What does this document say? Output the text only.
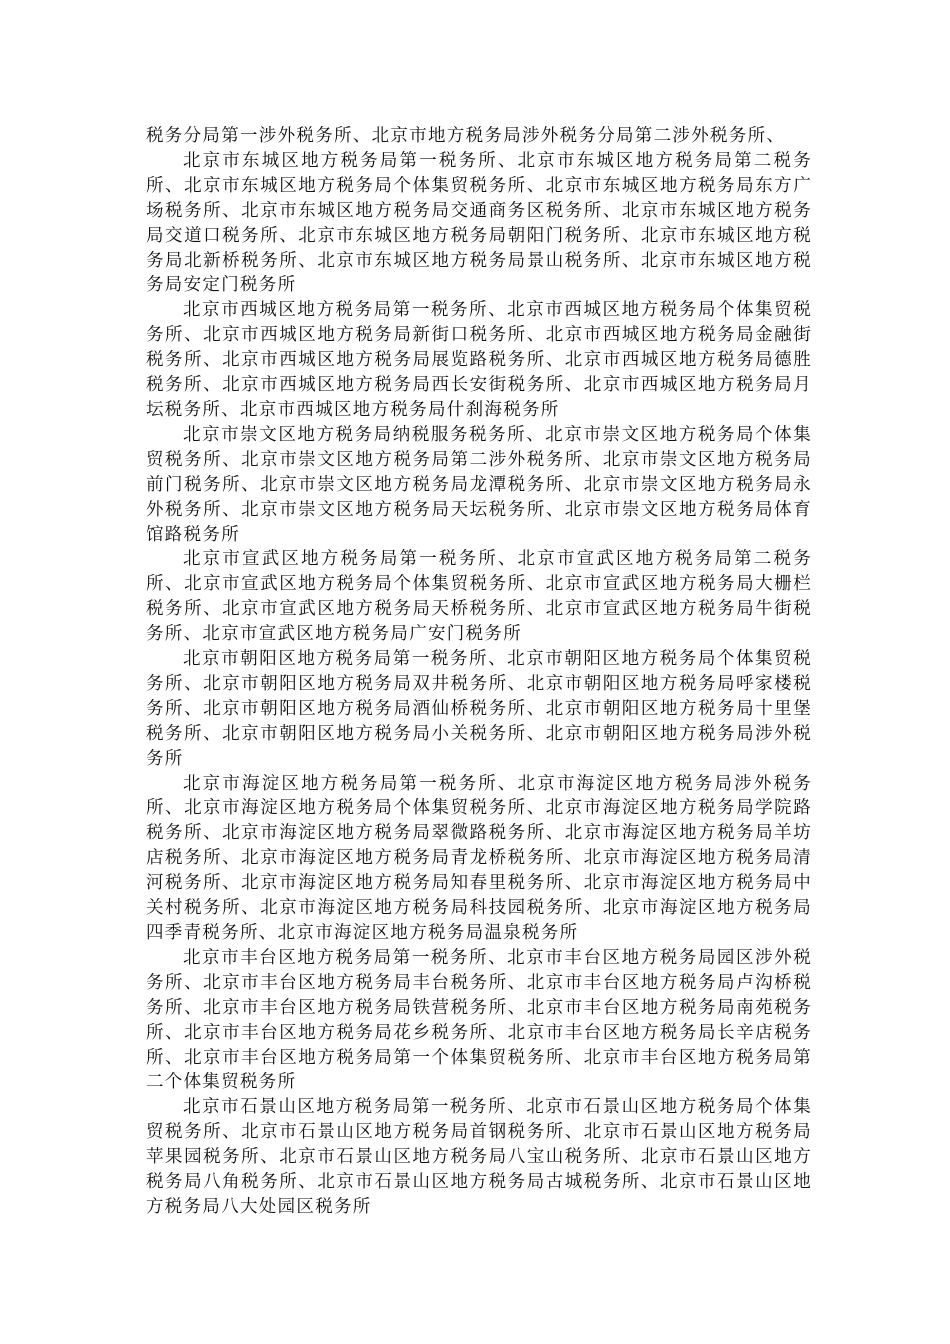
税务分局第一涉外税务所、北京市地方税务局涉外税务分局第二涉外税务所、

北京市东城区地方税务局第一税务所、北京市东城区地方税务局第二税务所、北京市东城区地方税务局个体集贸税务所、北京市东城区地方税务局东方广场税务所、北京市东城区地方税务局交通商务区税务所、北京市东城区地方税务局交道口税务所、北京市东城区地方税务局朝阳门税务所、北京市东城区地方税务局北新桥税务所、北京市东城区地方税务局景山税务所、北京市东城区地方税务局安定门税务所

北京市西城区地方税务局第一税务所、北京市西城区地方税务局个体集贸税务所、北京市西城区地方税务局新街口税务所、北京市西城区地方税务局金融街税务所、北京市西城区地方税务局展览路税务所、北京市西城区地方税务局德胜税务所、北京市西城区地方税务局西长安街税务所、北京市西城区地方税务局月坛税务所、北京市西城区地方税务局什刹海税务所

北京市崇文区地方税务局纳税服务税务所、北京市崇文区地方税务局个体集贸税务所、北京市崇文区地方税务局第二涉外税务所、北京市崇文区地方税务局前门税务所、北京市崇文区地方税务局龙潭税务所、北京市崇文区地方税务局永外税务所、北京市崇文区地方税务局天坛税务所、北京市崇文区地方税务局体育馆路税务所

北京市宣武区地方税务局第一税务所、北京市宣武区地方税务局第二税务所、北京市宣武区地方税务局个体集贸税务所、北京市宣武区地方税务局大栅栏税务所、北京市宣武区地方税务局天桥税务所、北京市宣武区地方税务局牛街税务所、北京市宣武区地方税务局广安门税务所

北京市朝阳区地方税务局第一税务所、北京市朝阳区地方税务局个体集贸税务所、北京市朝阳区地方税务局双井税务所、北京市朝阳区地方税务局呼家楼税务所、北京市朝阳区地方税务局酒仙桥税务所、北京市朝阳区地方税务局十里堡税务所、北京市朝阳区地方税务局小关税务所、北京市朝阳区地方税务局涉外税务所

北京市海淀区地方税务局第一税务所、北京市海淀区地方税务局涉外税务所、北京市海淀区地方税务局个体集贸税务所、北京市海淀区地方税务局学院路税务所、北京市海淀区地方税务局翠微路税务所、北京市海淀区地方税务局羊坊店税务所、北京市海淀区地方税务局青龙桥税务所、北京市海淀区地方税务局清河税务所、北京市海淀区地方税务局知春里税务所、北京市海淀区地方税务局中关村税务所、北京市海淀区地方税务局科技园税务所、北京市海淀区地方税务局四季青税务所、北京市海淀区地方税务局温泉税务所

北京市丰台区地方税务局第一税务所、北京市丰台区地方税务局园区涉外税务所、北京市丰台区地方税务局丰台税务所、北京市丰台区地方税务局卢沟桥税务所、北京市丰台区地方税务局铁营税务所、北京市丰台区地方税务局南苑税务所、北京市丰台区地方税务局花乡税务所、北京市丰台区地方税务局长辛店税务所、北京市丰台区地方税务局第一个体集贸税务所、北京市丰台区地方税务局第二个体集贸税务所

北京市石景山区地方税务局第一税务所、北京市石景山区地方税务局个体集贸税务所、北京市石景山区地方税务局首钢税务所、北京市石景山区地方税务局苹果园税务所、北京市石景山区地方税务局八宝山税务所、北京市石景山区地方税务局八角税务所、北京市石景山区地方税务局古城税务所、北京市石景山区地方税务局八大处园区税务所
